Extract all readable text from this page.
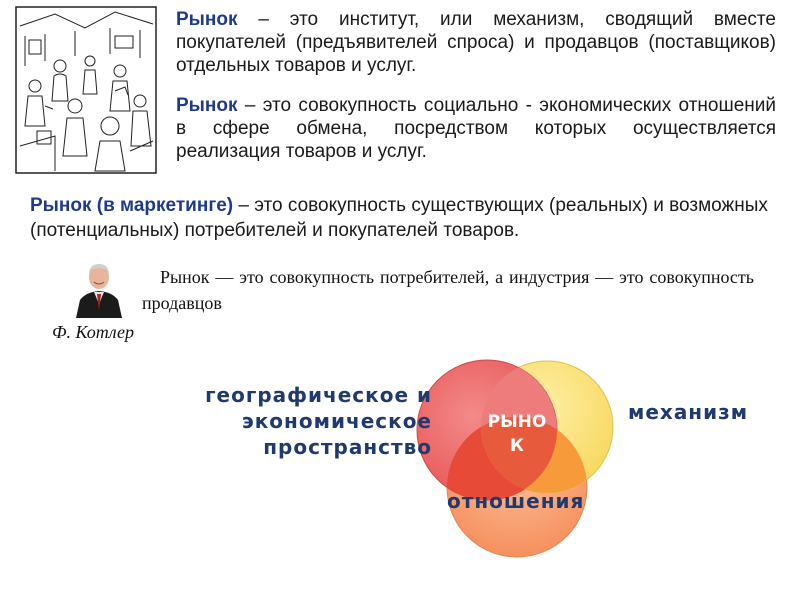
Рынок – это институт, или механизм, сводящий вместе покупателей (предъявителей спроса) и продавцов (поставщиков) отдельных товаров и услуг.
Рынок – это совокупность социально - экономических отношений в сфере обмена, посредством которых осуществляется реализация товаров и услуг.
Рынок (в маркетинге) – это совокупность существующих (реальных) и возможных (потенциальных) потребителей и покупателей товаров.
Рынок — это совокупность потребителей, а индустрия — это совокупность продавцов
Ф. Котлер
РЫНО
К
географическое и
экономическое
пространство
механизм
отношения
